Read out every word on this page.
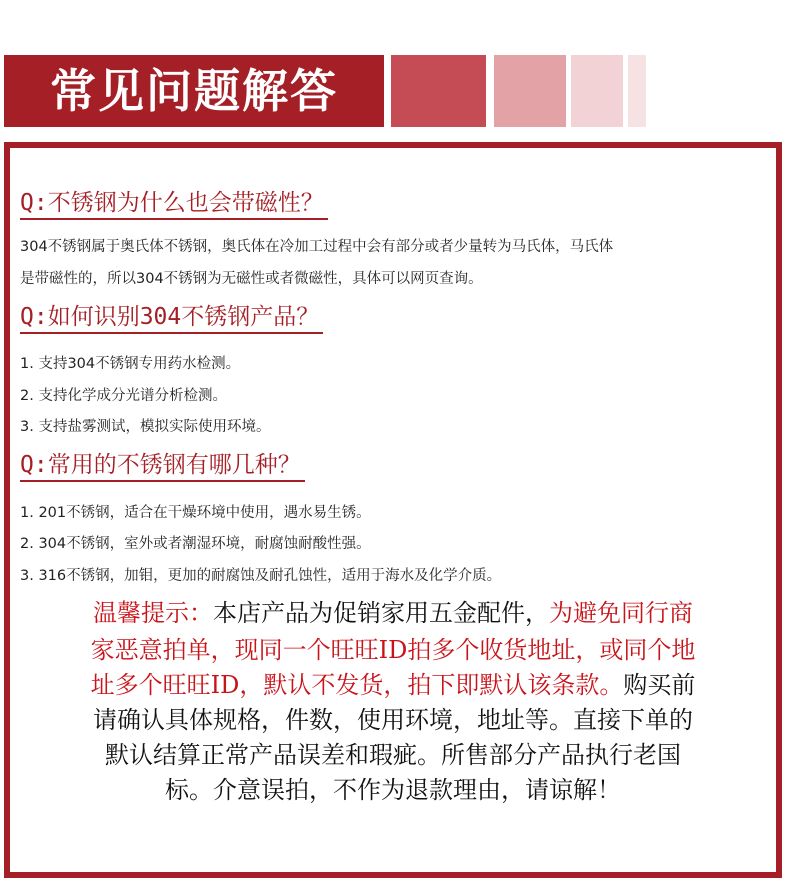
常见问题解答
Q:不锈钢为什么也会带磁性？
304不锈钢属于奥氏体不锈钢，奥氏体在冷加工过程中会有部分或者少量转为马氏体，马氏体
是带磁性的，所以304不锈钢为无磁性或者微磁性，具体可以网页查询。
Q:如何识别304不锈钢产品？
1. 支持304不锈钢专用药水检测。
2. 支持化学成分光谱分析检测。
3. 支持盐雾测试，模拟实际使用环境。
Q:常用的不锈钢有哪几种？
1. 201不锈钢，适合在干燥环境中使用，遇水易生锈。
2. 304不锈钢，室外或者潮湿环境，耐腐蚀耐酸性强。
3. 316不锈钢，加钼，更加的耐腐蚀及耐孔蚀性，适用于海水及化学介质。
温馨提示：本店产品为促销家用五金配件，为避免同行商
家恶意拍单，现同一个旺旺ID拍多个收货地址，或同个地
址多个旺旺ID，默认不发货，拍下即默认该条款。购买前
请确认具体规格，件数，使用环境，地址等。直接下单的
默认结算正常产品误差和瑕疵。所售部分产品执行老国
标。介意误拍，不作为退款理由，请谅解！
